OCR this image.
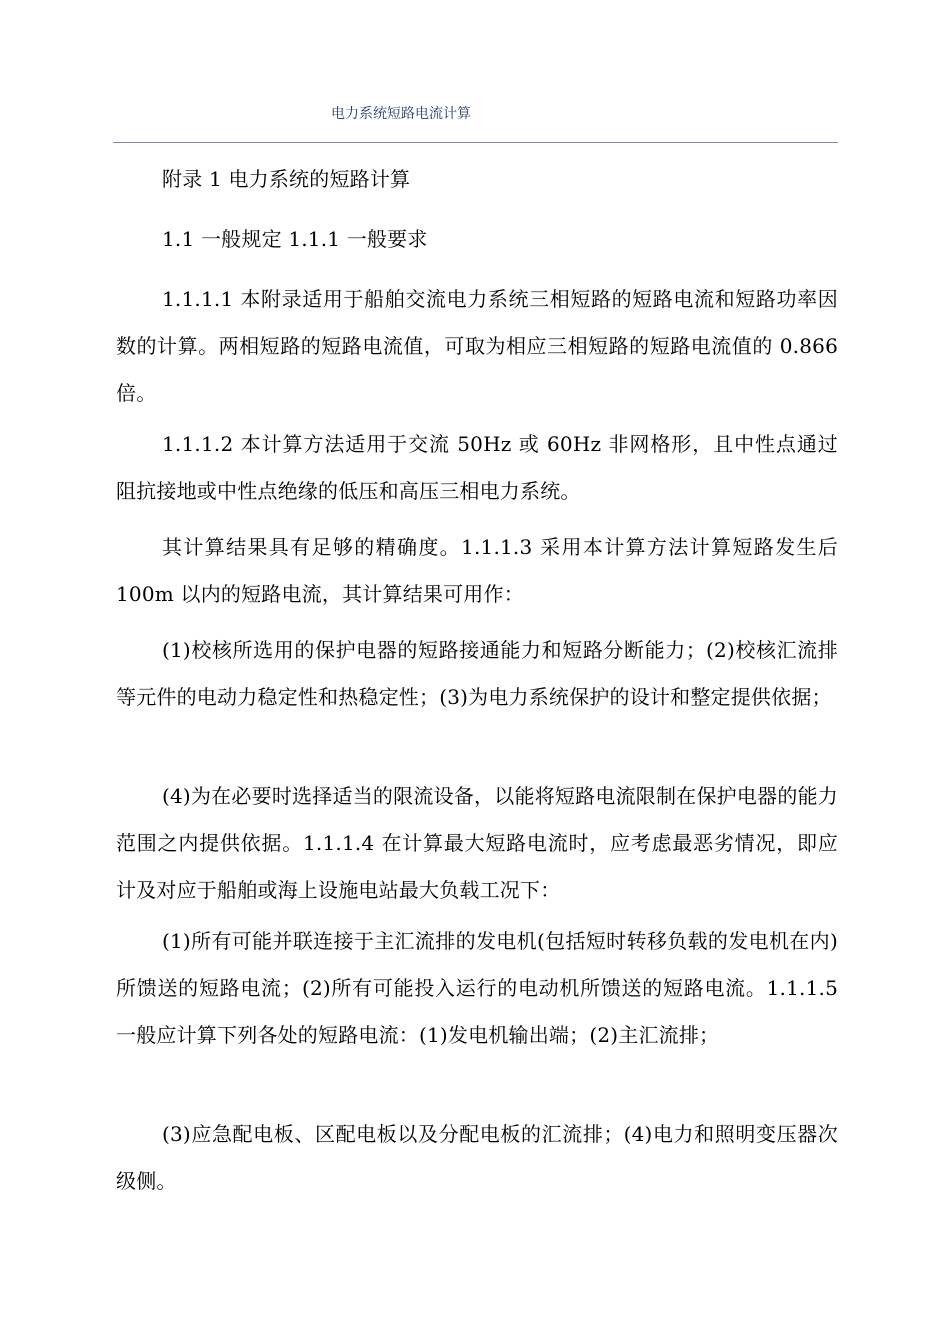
电力系统短路电流计算

附录 1 电力系统的短路计算

1.1 一般规定 1.1.1 一般要求

1.1.1.1 本附录适用于船舶交流电力系统三相短路的短路电流和短路功率因数的计算。两相短路的短路电流值，可取为相应三相短路的短路电流值的 0.866 倍。

1.1.1.2 本计算方法适用于交流 50Hz 或 60Hz 非网格形，且中性点通过阻抗接地或中性点绝缘的低压和高压三相电力系统。

其计算结果具有足够的精确度。1.1.1.3 采用本计算方法计算短路发生后 100m 以内的短路电流，其计算结果可用作：

(1)校核所选用的保护电器的短路接通能力和短路分断能力；(2)校核汇流排等元件的电动力稳定性和热稳定性；(3)为电力系统保护的设计和整定提供依据；

(4)为在必要时选择适当的限流设备，以能将短路电流限制在保护电器的能力范围之内提供依据。1.1.1.4 在计算最大短路电流时，应考虑最恶劣情况，即应计及对应于船舶或海上设施电站最大负载工况下：

(1)所有可能并联连接于主汇流排的发电机(包括短时转移负载的发电机在内)所馈送的短路电流；(2)所有可能投入运行的电动机所馈送的短路电流。1.1.1.5 一般应计算下列各处的短路电流：(1)发电机输出端；(2)主汇流排；

(3)应急配电板、区配电板以及分配电板的汇流排；(4)电力和照明变压器次级侧。
